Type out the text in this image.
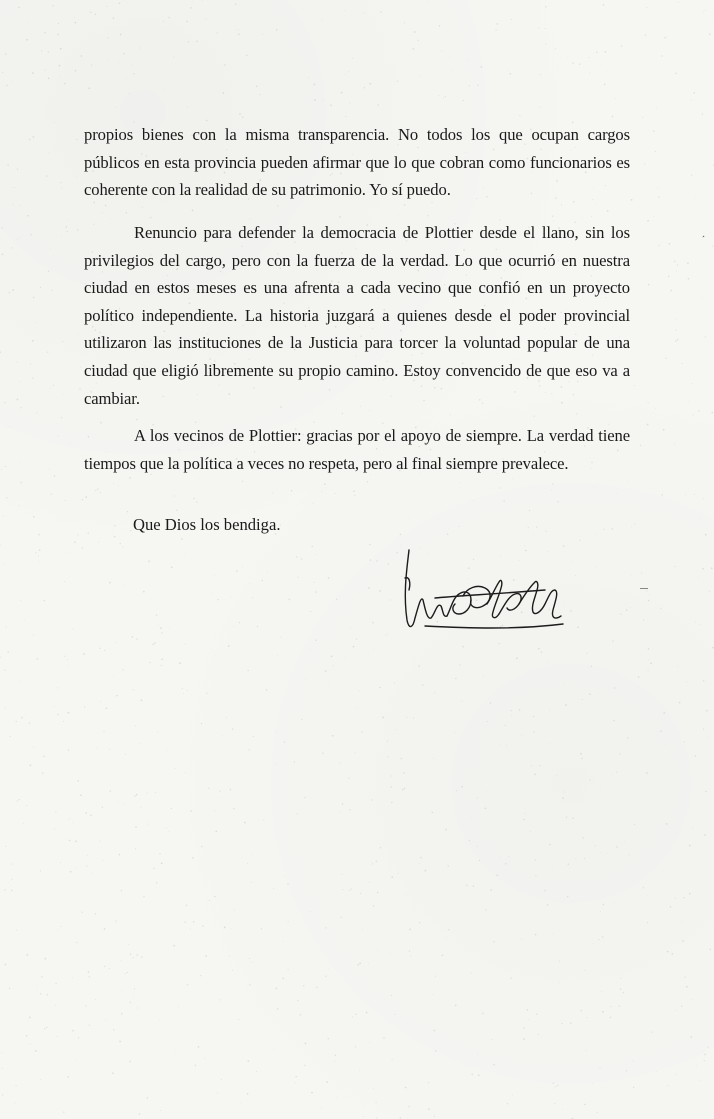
propios bienes con la misma transparencia. No todos los que ocupan cargos públicos en esta provincia pueden afirmar que lo que cobran como funcionarios es coherente con la realidad de su patrimonio. Yo sí puedo.

Renuncio para defender la democracia de Plottier desde el llano, sin los privilegios del cargo, pero con la fuerza de la verdad. Lo que ocurrió en nuestra ciudad en estos meses es una afrenta a cada vecino que confió en un proyecto político independiente. La historia juzgará a quienes desde el poder provincial utilizaron las instituciones de la Justicia para torcer la voluntad popular de una ciudad que eligió libremente su propio camino. Estoy convencido de que eso va a cambiar.

A los vecinos de Plottier: gracias por el apoyo de siempre. La verdad tiene tiempos que la política a veces no respeta, pero al final siempre prevalece.

Que Dios los bendiga.
·
